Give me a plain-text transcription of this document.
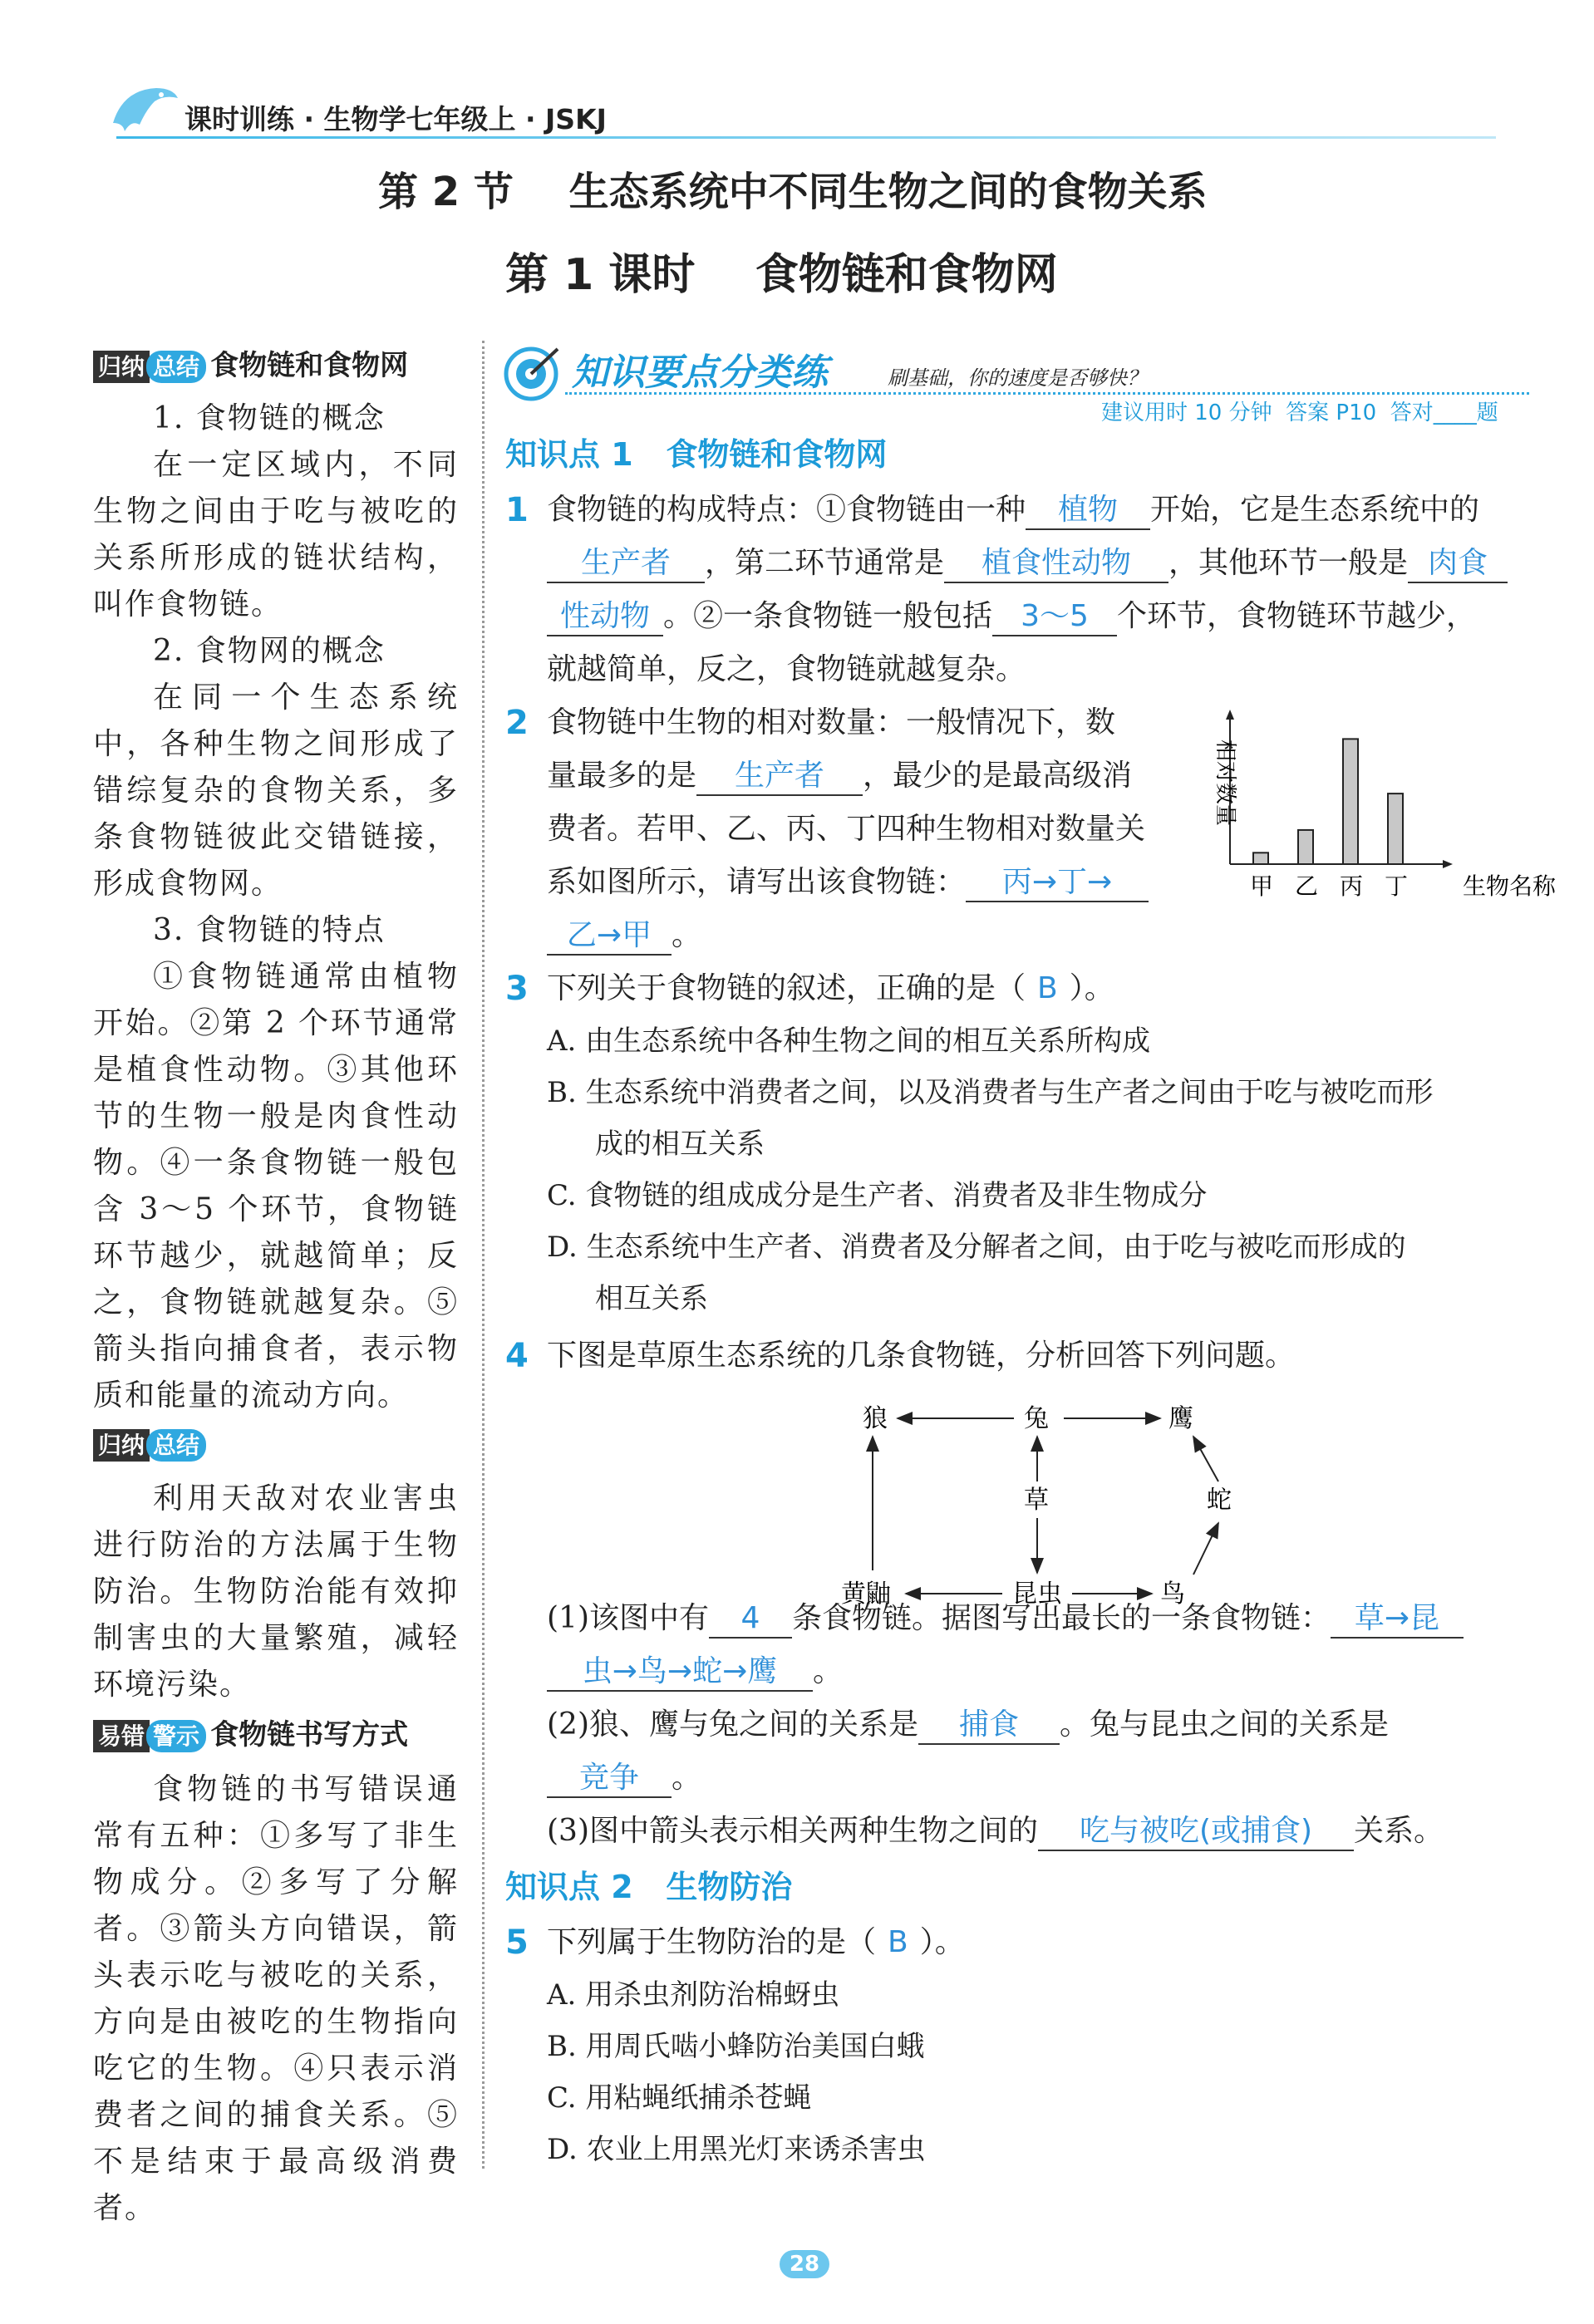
课时训练 · 生物学七年级上 · JSKJ
第 2 节    生态系统中不同生物之间的食物关系
第 1 课时    食物链和食物网
归纳 总结 食物链和食物网
1. 食物链的概念
在一定区域内，不同生物之间由于吃与被吃的关系所形成的链状结构，叫作食物链。
2. 食物网的概念
在同一个生态系统中，各种生物之间形成了错综复杂的食物关系，多条食物链彼此交错链接，形成食物网。
3. 食物链的特点
①食物链通常由植物开始。②第 2 个环节通常是植食性动物。③其他环节的生物一般是肉食性动物。④一条食物链一般包含 3～5 个环节，食物链环节越少，就越简单；反之，食物链就越复杂。⑤箭头指向捕食者，表示物质和能量的流动方向。
归纳 总结
利用天敌对农业害虫进行防治的方法属于生物防治。生物防治能有效抑制害虫的大量繁殖，减轻环境污染。
易错 警示 食物链书写方式
食物链的书写错误通常有五种：①多写了非生物成分。②多写了分解者。③箭头方向错误，箭头表示吃与被吃的关系，方向是由被吃的生物指向吃它的生物。④只表示消费者之间的捕食关系。⑤不是结束于最高级消费者。
知识要点分类练	刷基础，你的速度是否够快？
建议用时 10 分钟  答案 P10  答对____题
知识点 1   食物链和食物网
1 食物链的构成特点：①食物链由一种 植物 开始，它是生态系统中的
生产者 ，第二环节通常是 植食性动物 ，其他环节一般是 肉食
性动物 。②一条食物链一般包括 3～5 个环节，食物链环节越少，
就越简单，反之，食物链就越复杂。
2 食物链中生物的相对数量：一般情况下，数
量最多的是 生产者 ，最少的是最高级消
费者。若甲、乙、丙、丁四种生物相对数量关
系如图所示，请写出该食物链： 丙→丁→
乙→甲 。
3 下列关于食物链的叙述，正确的是（ B ）。
A. 由生态系统中各种生物之间的相互关系所构成
B. 生态系统中消费者之间，以及消费者与生产者之间由于吃与被吃而形
成的相互关系
C. 食物链的组成成分是生产者、消费者及非生物成分
D. 生态系统中生产者、消费者及分解者之间，由于吃与被吃而形成的
相互关系
4 下图是草原生态系统的几条食物链，分析回答下列问题。
(1)该图中有 4 条食物链。据图写出最长的一条食物链： 草→昆
虫→鸟→蛇→鹰 。
(2)狼、鹰与兔之间的关系是 捕食 。兔与昆虫之间的关系是
竞争 。
(3)图中箭头表示相关两种生物之间的 吃与被吃(或捕食) 关系。
知识点 2   生物防治
5 下列属于生物防治的是（ B ）。
A. 用杀虫剂防治棉蚜虫
B. 用周氏啮小蜂防治美国白蛾
C. 用粘蝇纸捕杀苍蝇
D. 农业上用黑光灯来诱杀害虫
相对数量
甲 乙 丙 丁 生物名称
狼	兔	鹰
草	蛇
黄鼬	昆虫	鸟
28
